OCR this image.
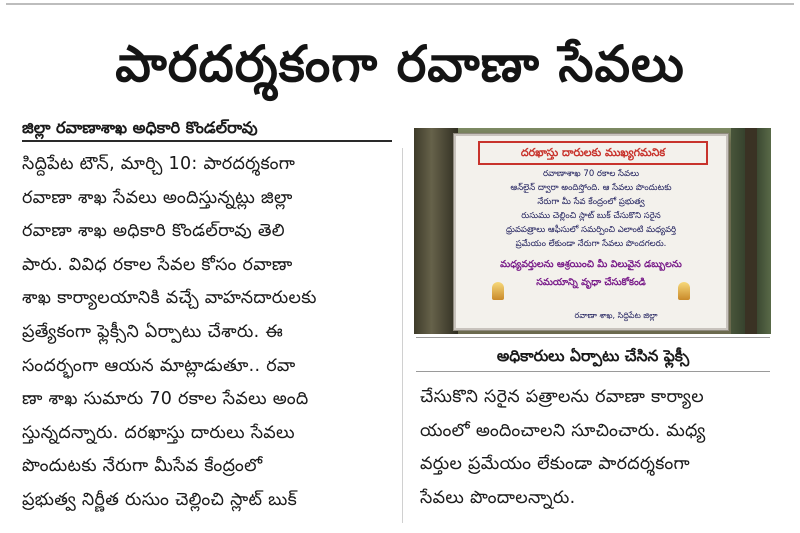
పారదర్శకంగా రవాణా సేవలు
జిల్లా రవాణాశాఖ అధికారి కొండల్‌రావు
సిద్దిపేట టౌన్‌, మార్చి 10: పారదర్శకంగా
రవాణా శాఖ సేవలు అందిస్తున్నట్లు జిల్లా
రవాణా శాఖ అధికారి కొండల్‌రావు తెలి
పారు. వివిధ రకాల సేవల కోసం రవాణా
శాఖ కార్యాలయానికి వచ్చే వాహనదారులకు
ప్రత్యేకంగా ఫ్లెక్సీని ఏర్పాటు చేశారు. ఈ
సందర్భంగా ఆయన మాట్లాడుతూ.. రవా
ణా శాఖ సుమారు 70 రకాల సేవలు అంది
స్తున్నదన్నారు. దరఖాస్తు దారులు సేవలు
పొందుటకు నేరుగా మీసేవ కేంద్రంలో
ప్రభుత్వ నిర్ణీత రుసుం చెల్లించి స్లాట్‌ బుక్‌
దరఖాస్తు దారులకు ముఖ్యగమనిక
రవాణాశాఖ 70 రకాల సేవలు
ఆన్‌లైన్ ద్వారా అందిస్తోంది. ఆ సేవలు పొందుటకు
నేరుగా మీ సేవ కేంద్రంలో ప్రభుత్వ
రుసుము చెల్లించి స్లాట్ బుక్ చేసుకొని సరైన
ధ్రువపత్రాలు ఆఫీసులో సమర్పించి ఎలాంటి మధ్యవర్తి
ప్రమేయం లేకుండా నేరుగా సేవలు పొందగలరు.
మధ్యవర్తులను ఆశ్రయించి మీ విలువైన డబ్బులను
సమయాన్ని వృధా చేసుకోకండి
రవాణా శాఖ, సిద్దిపేట జిల్లా
అధికారులు ఏర్పాటు చేసిన ఫ్లెక్సీ
చేసుకొని సరైన పత్రాలను రవాణా కార్యాల
యంలో అందించాలని సూచించారు. మధ్య
వర్తుల ప్రమేయం లేకుండా పారదర్శకంగా
సేవలు పొందాలన్నారు.
